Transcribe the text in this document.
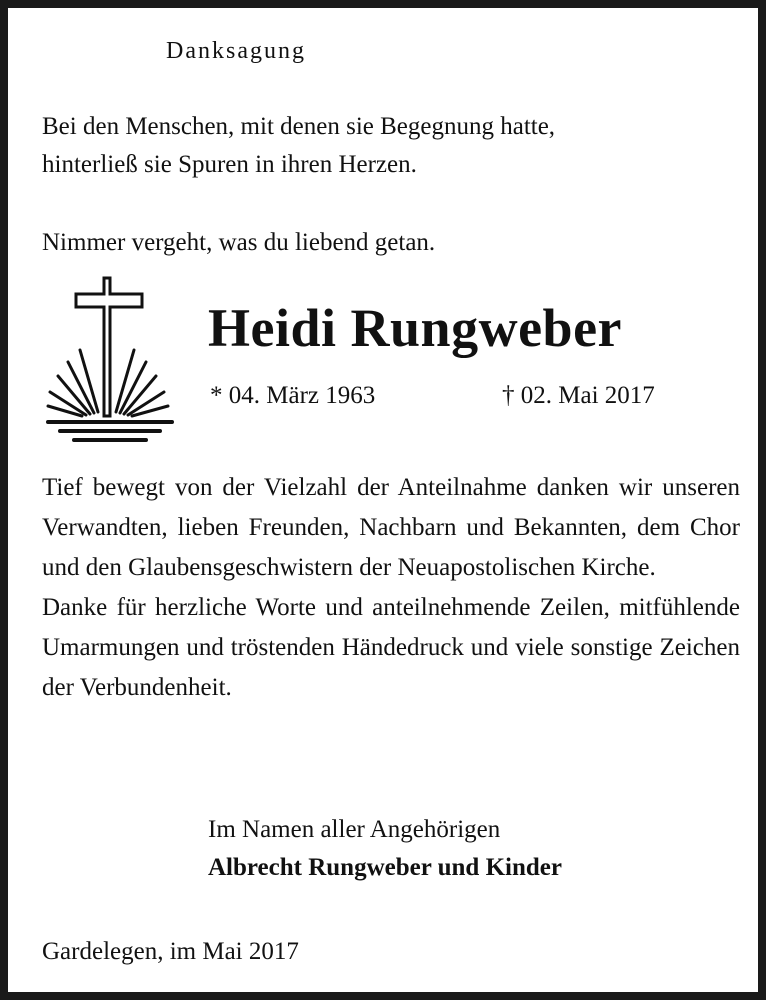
Danksagung

Bei den Menschen, mit denen sie Begegnung hatte,

hinterließ sie Spuren in ihren Herzen.

Nimmer vergeht, was du liebend getan.
Heidi Rungweber
* 04. März 1963	† 02. Mai 2017

Tief bewegt von der Vielzahl der Anteilnahme danken wir unseren Verwandten, lieben Freunden, Nachbarn und Bekannten, dem Chor und den Glaubensgeschwistern der Neuapostolischen Kirche.

Danke für herzliche Worte und anteilnehmende Zeilen, mitfühlende Umarmungen und tröstenden Händedruck und viele sonstige Zeichen der Verbundenheit.

Im Namen aller Angehörigen
Albrecht Rungweber und Kinder
Gardelegen, im Mai 2017
